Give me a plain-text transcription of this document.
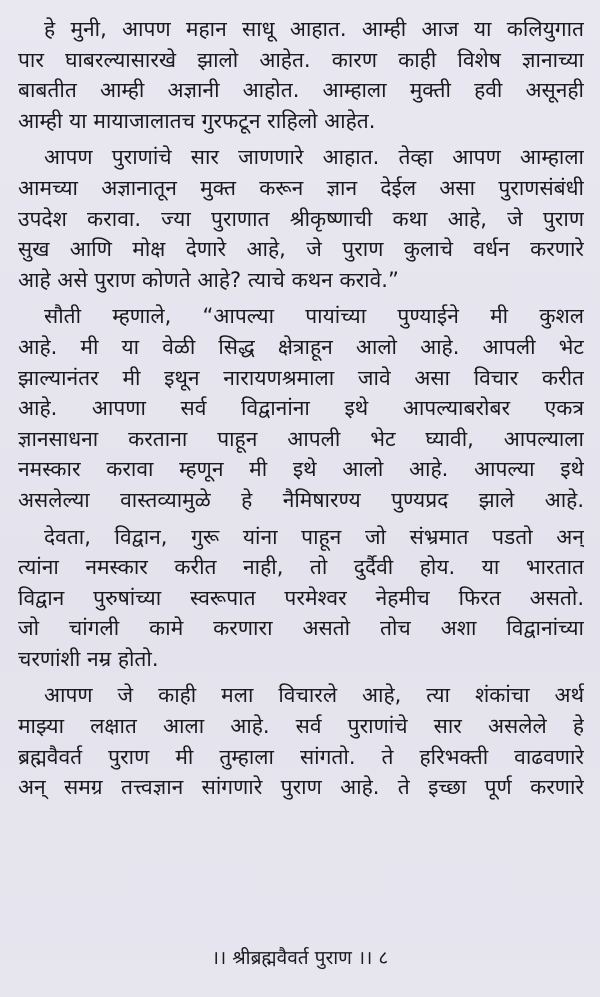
हे मुनी, आपण महान साधू आहात. आम्ही आज या कलियुगात
पार घाबरल्यासारखे झालो आहेत. कारण काही विशेष ज्ञानाच्या
बाबतीत आम्ही अज्ञानी आहोत. आम्हाला मुक्ती हवी असूनही
आम्ही या मायाजालातच गुरफटून राहिलो आहेत.
आपण पुराणांचे सार जाणणारे आहात. तेव्हा आपण आम्हाला
आमच्या अज्ञानातून मुक्त करून ज्ञान देईल असा पुराणसंबंधी
उपदेश करावा. ज्या पुराणात श्रीकृष्णाची कथा आहे, जे पुराण
सुख आणि मोक्ष देणारे आहे, जे पुराण कुलाचे वर्धन करणारे
आहे असे पुराण कोणते आहे? त्याचे कथन करावे.”
सौती म्हणाले, “आपल्या पायांच्या पुण्याईने मी कुशल
आहे. मी या वेळी सिद्ध क्षेत्राहून आलो आहे. आपली भेट
झाल्यानंतर मी इथून नारायणश्रमाला जावे असा विचार करीत
आहे. आपणा सर्व विद्वानांना इथे आपल्याबरोबर एकत्र
ज्ञानसाधना करताना पाहून आपली भेट घ्यावी, आपल्याला
नमस्कार करावा म्हणून मी इथे आलो आहे. आपल्या इथे
असलेल्या वास्तव्यामुळे हे नैमिषारण्य पुण्यप्रद झाले आहे.
देवता, विद्वान, गुरू यांना पाहून जो संभ्रमात पडतो अन्
त्यांना नमस्कार करीत नाही, तो दुर्दैवी होय. या भारतात
विद्वान पुरुषांच्या स्वरूपात परमेश्वर नेहमीच फिरत असतो.
जो चांगली कामे करणारा असतो तोच अशा विद्वानांच्या
चरणांशी नम्र होतो.
आपण जे काही मला विचारले आहे, त्या शंकांचा अर्थ
माझ्या लक्षात आला आहे. सर्व पुराणांचे सार असलेले हे
ब्रह्मवैवर्त पुराण मी तुम्हाला सांगतो. ते हरिभक्ती वाढवणारे
अन् समग्र तत्त्वज्ञान सांगणारे पुराण आहे. ते इच्छा पूर्ण करणारे
।। श्रीब्रह्मवैवर्त पुराण ।। ८
